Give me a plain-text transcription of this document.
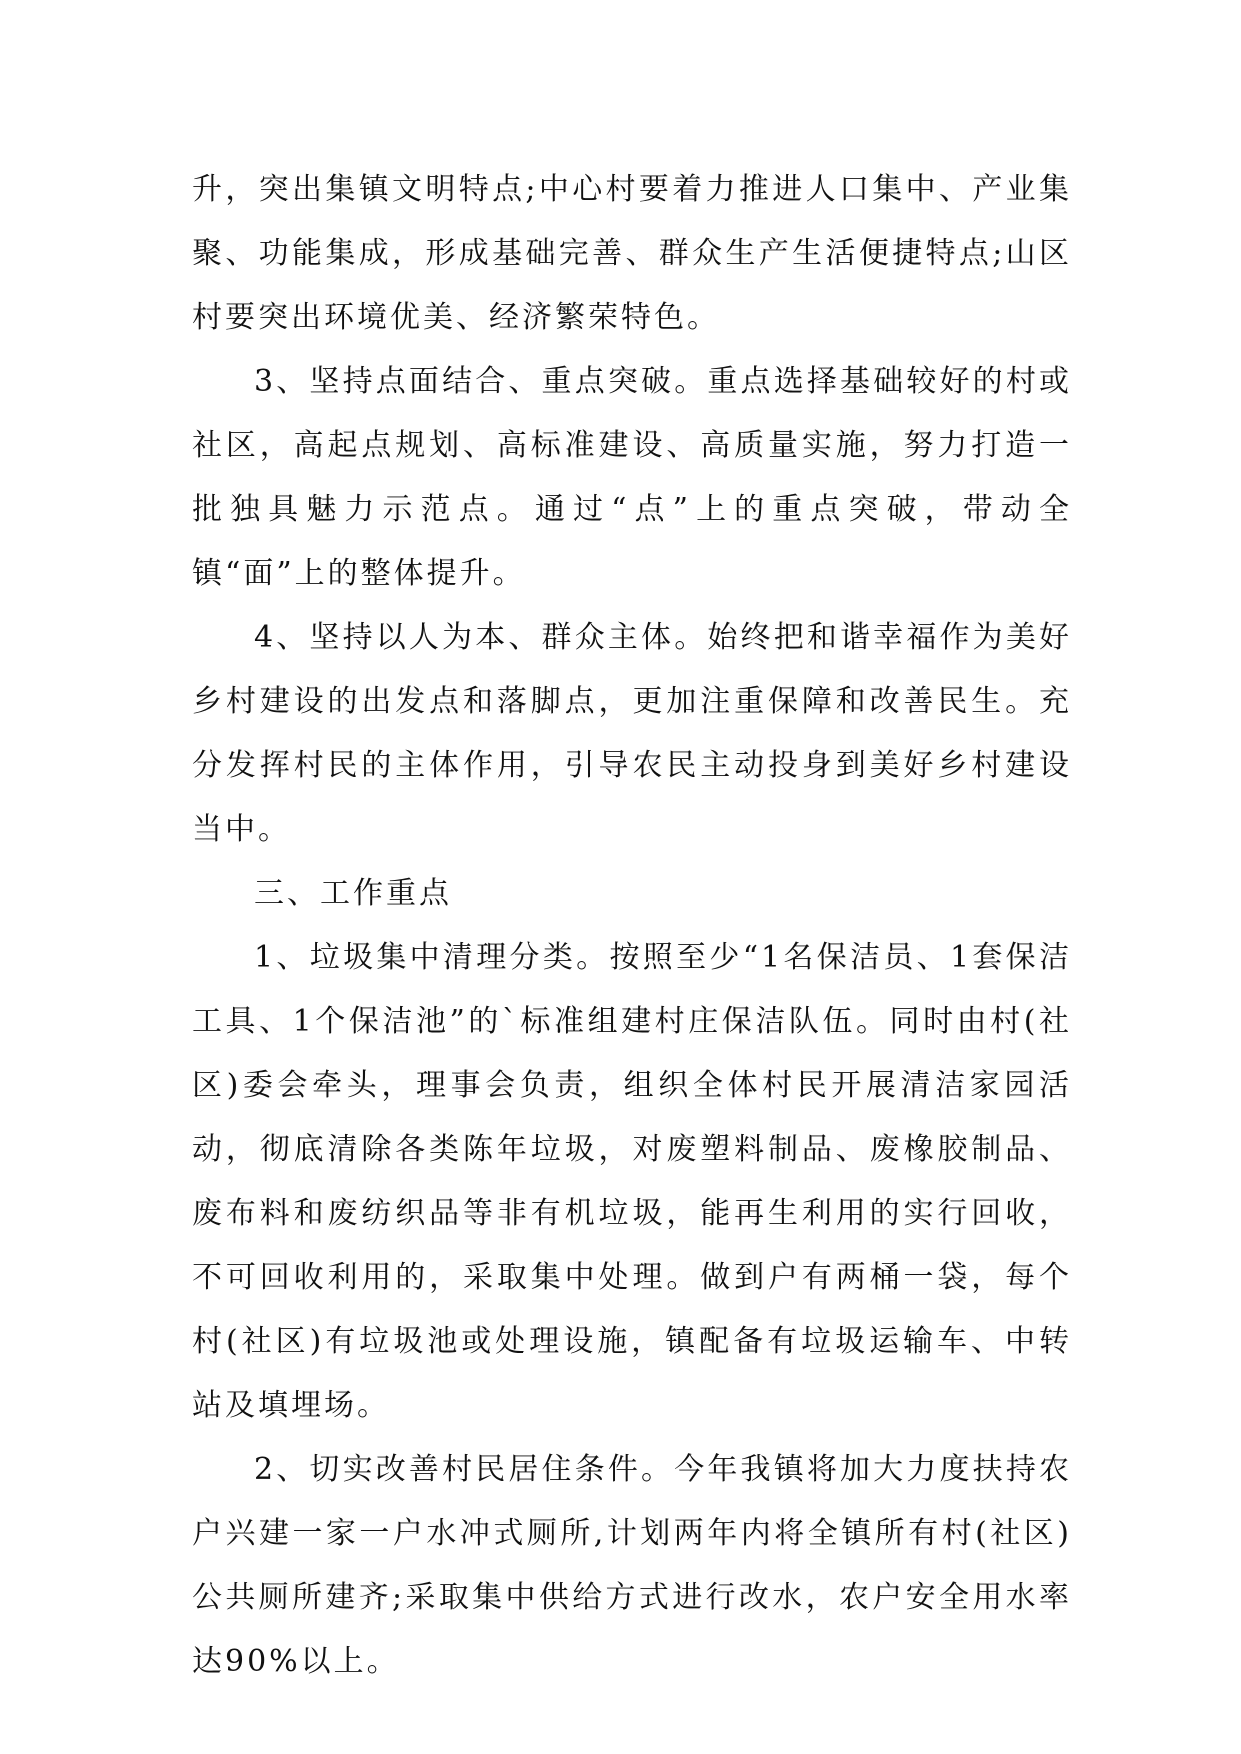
升，突出集镇文明特点;中心村要着力推进人口集中、产业集聚、功能集成，形成基础完善、群众生产生活便捷特点;山区村要突出环境优美、经济繁荣特色。

3、坚持点面结合、重点突破。重点选择基础较好的村或社区，高起点规划、高标准建设、高质量实施，努力打造一批独具魅力示范点。通过“点”上的重点突破，带动全镇“面”上的整体提升。

4、坚持以人为本、群众主体。始终把和谐幸福作为美好乡村建设的出发点和落脚点，更加注重保障和改善民生。充分发挥村民的主体作用，引导农民主动投身到美好乡村建设当中。

三、工作重点

1、垃圾集中清理分类。按照至少“1名保洁员、1套保洁工具、1个保洁池”的`标准组建村庄保洁队伍。同时由村(社区)委会牵头，理事会负责，组织全体村民开展清洁家园活动，彻底清除各类陈年垃圾，对废塑料制品、废橡胶制品、废布料和废纺织品等非有机垃圾，能再生利用的实行回收，不可回收利用的，采取集中处理。做到户有两桶一袋，每个村(社区)有垃圾池或处理设施，镇配备有垃圾运输车、中转站及填埋场。

2、切实改善村民居住条件。今年我镇将加大力度扶持农户兴建一家一户水冲式厕所,计划两年内将全镇所有村(社区)公共厕所建齐;采取集中供给方式进行改水，农户安全用水率达90%以上。
